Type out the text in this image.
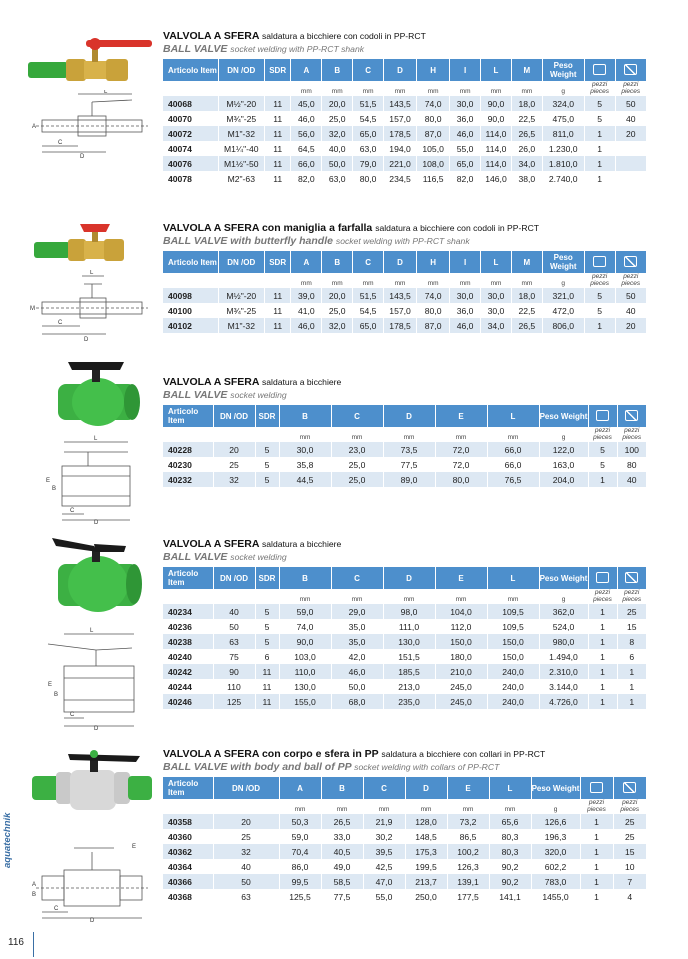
L
C
D
A
VALVOLA A SFERA saldatura a bicchiere con codoli in PP-RCT
BALL VALVE socket welding with PP-RCT shank
Articolo Item	DN /OD	SDR	A	B	C	D	H	I	L	M	Peso Weight		
			mm	mm	mm	mm	mm	mm	mm	mm	g	pezzi pieces	pezzi pieces
40068	M½"-20	11	45,0	20,0	51,5	143,5	74,0	30,0	90,0	18,0	324,0	5	50
40070	M¾"-25	11	46,0	25,0	54,5	157,0	80,0	36,0	90,0	22,5	475,0	5	40
40072	M1"-32	11	56,0	32,0	65,0	178,5	87,0	46,0	114,0	26,5	811,0	1	20
40074	M1¼"-40	11	64,5	40,0	63,0	194,0	105,0	55,0	114,0	26,0	1.230,0	1	
40076	M1½"-50	11	66,0	50,0	79,0	221,0	108,0	65,0	114,0	34,0	1.810,0	1	
40078	M2"-63	11	82,0	63,0	80,0	234,5	116,5	82,0	146,0	38,0	2.740,0	1	
L
C
D
M
VALVOLA A SFERA con maniglia a farfalla saldatura a bicchiere con codoli in PP-RCT
BALL VALVE with butterfly handle socket welding with PP-RCT shank
Articolo Item	DN /OD	SDR	A	B	C	D	H	I	L	M	Peso Weight		
			mm	mm	mm	mm	mm	mm	mm	mm	g	pezzi pieces	pezzi pieces
40098	M½"-20	11	39,0	20,0	51,5	143,5	74,0	30,0	30,0	18,0	321,0	5	50
40100	M¾"-25	11	41,0	25,0	54,5	157,0	80,0	36,0	30,0	22,5	472,0	5	40
40102	M1"-32	11	46,0	32,0	65,0	178,5	87,0	46,0	34,0	26,5	806,0	1	20
L
C
D
E
B
VALVOLA A SFERA saldatura a bicchiere
BALL VALVE socket welding
Articolo Item	DN /OD	SDR	B	C	D	E	L	Peso Weight		
			mm	mm	mm	mm	mm	g	pezzi pieces	pezzi pieces
40228	20	5	30,0	23,0	73,5	72,0	66,0	122,0	5	100
40230	25	5	35,8	25,0	77,5	72,0	66,0	163,0	5	80
40232	32	5	44,5	25,0	89,0	80,0	76,5	204,0	1	40
L
C
D
E
B
VALVOLA A SFERA saldatura a bicchiere
BALL VALVE socket welding
Articolo Item	DN /OD	SDR	B	C	D	E	L	Peso Weight		
			mm	mm	mm	mm	mm	g	pezzi pieces	pezzi pieces
40234	40	5	59,0	29,0	98,0	104,0	109,5	362,0	1	25
40236	50	5	74,0	35,0	111,0	112,0	109,5	524,0	1	15
40238	63	5	90,0	35,0	130,0	150,0	150,0	980,0	1	8
40240	75	6	103,0	42,0	151,5	180,0	150,0	1.494,0	1	6
40242	90	11	110,0	46,0	185,5	210,0	240,0	2.310,0	1	1
40244	110	11	130,0	50,0	213,0	245,0	240,0	3.144,0	1	1
40246	125	11	155,0	68,0	235,0	245,0	240,0	4.726,0	1	1
A
B
C
D
E
VALVOLA A SFERA con corpo e sfera in PP saldatura a bicchiere con collari in PP-RCT
BALL VALVE with body and ball of PP socket welding with collars of PP-RCT
Articolo Item	DN /OD	A	B	C	D	E	L	Peso Weight		
		mm	mm	mm	mm	mm	mm	g	pezzi pieces	pezzi pieces
40358	20	50,3	26,5	21,9	128,0	73,2	65,6	126,6	1	25
40360	25	59,0	33,0	30,2	148,5	86,5	80,3	196,3	1	25
40362	32	70,4	40,5	39,5	175,3	100,2	80,3	320,0	1	15
40364	40	86,0	49,0	42,5	199,5	126,3	90,2	602,2	1	10
40366	50	99,5	58,5	47,0	213,7	139,1	90,2	783,0	1	7
40368	63	125,5	77,5	55,0	250,0	177,5	141,1	1455,0	1	4
aquatechnik
116
